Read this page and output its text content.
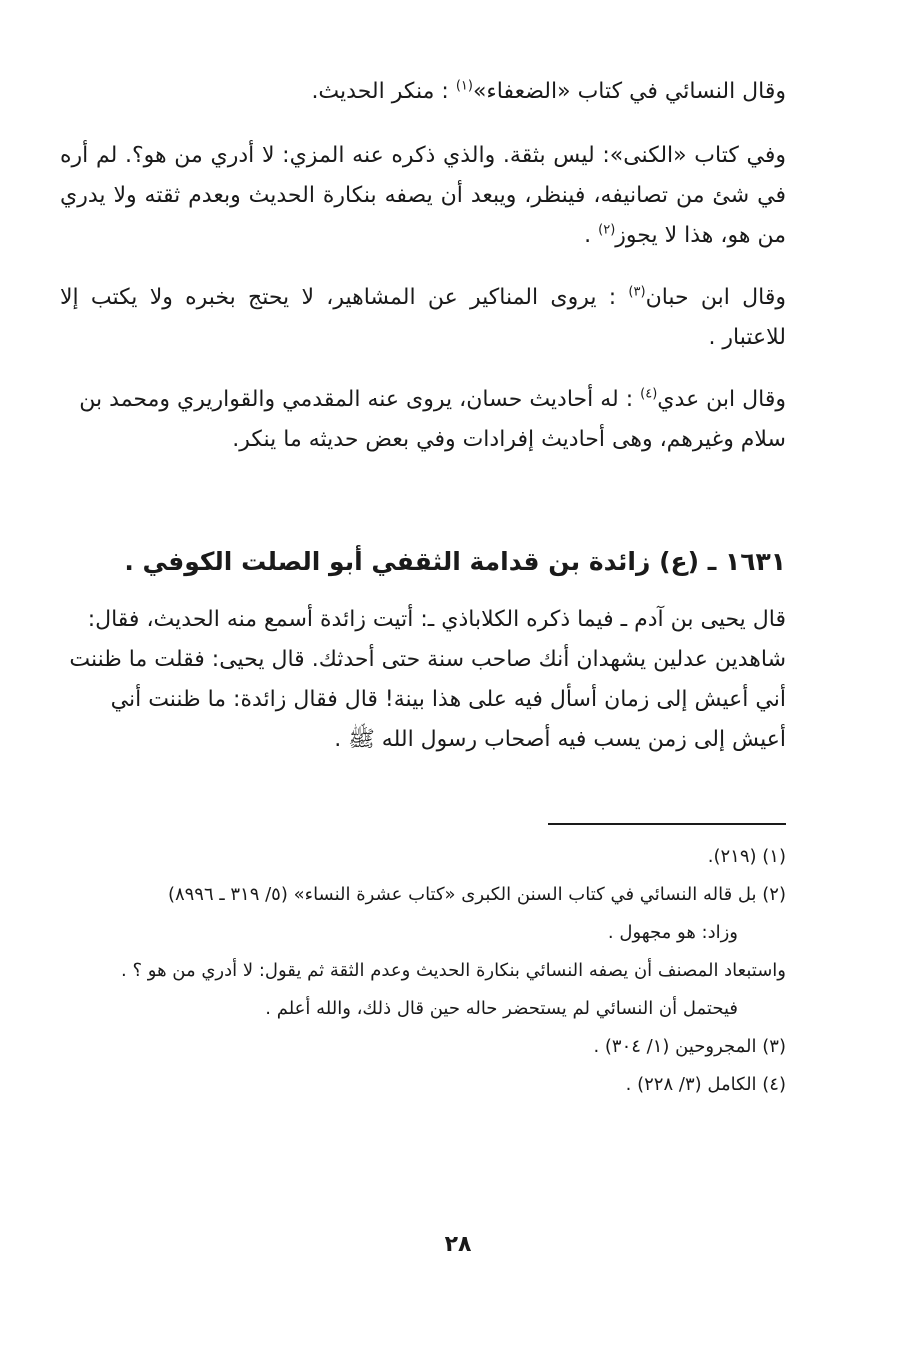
وقال النسائي في كتاب «الضعفاء»$^{(١)}$ : منكر الحديث.

وفي كتاب «الكنى»: ليس بثقة. والذي ذكره عنه المزي: لا أدري من هو؟. لم أره في شئ من تصانيفه، فينظر، ويبعد أن يصفه بنكارة الحديث وبعدم ثقته ولا يدري من هو، هذا لا يجوز$^{(٢)}$ .

وقال ابن حبان$^{(٣)}$ : يروى المناكير عن المشاهير، لا يحتج بخبره ولا يكتب إلا للاعتبار .

وقال ابن عدي$^{(٤)}$ : له أحاديث حسان، يروى عنه المقدمي والقواريري ومحمد بن سلام وغيرهم، وهى أحاديث إفرادات وفي بعض حديثه ما ينكر.

١٦٣١ ـ (ع) زائدة بن قدامة الثقفي أبو الصلت الكوفي .

قال يحيى بن آدم ـ فيما ذكره الكلاباذي ـ: أتيت زائدة أسمع منه الحديث، فقال: شاهدين عدلين يشهدان أنك صاحب سنة حتى أحدثك. قال يحيى: فقلت ما ظننت أني أعيش إلى زمان أسأل فيه على هذا بينة! قال فقال زائدة: ما ظننت أني أعيش إلى زمن يسب فيه أصحاب رسول الله ﷺ .

(١) (٢١٩).

(٢) بل قاله النسائي في كتاب السنن الكبرى «كتاب عشرة النساء» (٥/ ٣١٩ ـ ٨٩٩٦)

وزاد: هو مجهول .

واستبعاد المصنف أن يصفه النسائي بنكارة الحديث وعدم الثقة ثم يقول: لا أدري من هو ؟ .

فيحتمل أن النسائي لم يستحضر حاله حين قال ذلك، والله أعلم .

(٣) المجروحين (١/ ٣٠٤) .

(٤) الكامل (٣/ ٢٢٨) .

٢٨
